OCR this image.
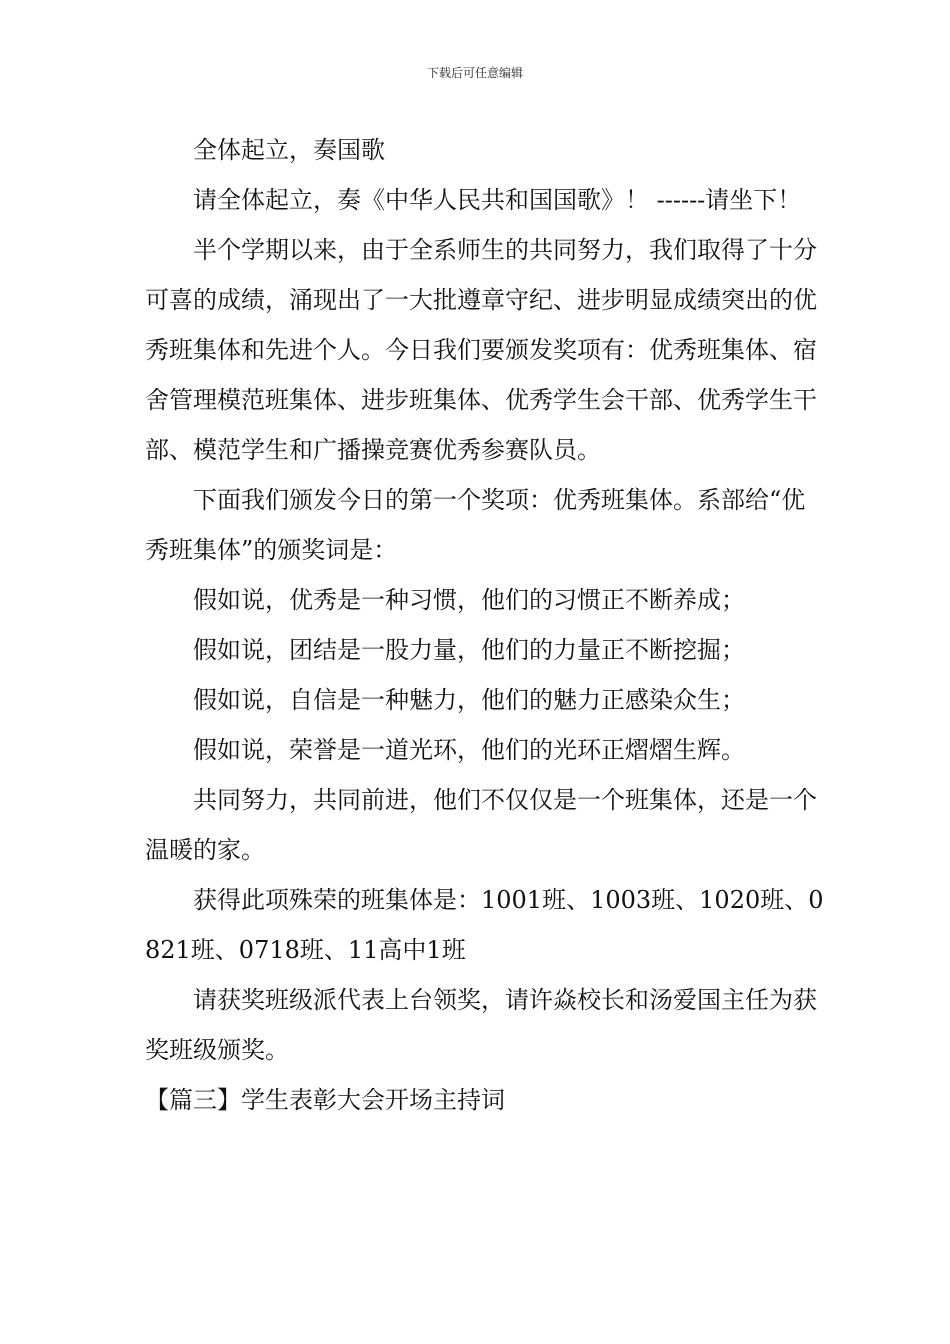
下载后可任意编辑

全体起立，奏国歌

请全体起立，奏《中华人民共和国国歌》！ ------请坐下！

半个学期以来，由于全系师生的共同努力，我们取得了十分可喜的成绩，涌现出了一大批遵章守纪、进步明显成绩突出的优秀班集体和先进个人。今日我们要颁发奖项有：优秀班集体、宿舍管理模范班集体、进步班集体、优秀学生会干部、优秀学生干部、模范学生和广播操竞赛优秀参赛队员。

下面我们颁发今日的第一个奖项：优秀班集体。系部给“优秀班集体”的颁奖词是：

假如说，优秀是一种习惯，他们的习惯正不断养成；

假如说，团结是一股力量，他们的力量正不断挖掘；

假如说，自信是一种魅力，他们的魅力正感染众生；

假如说，荣誉是一道光环，他们的光环正熠熠生辉。

共同努力，共同前进，他们不仅仅是一个班集体，还是一个温暖的家。

获得此项殊荣的班集体是：1001班、1003班、1020班、0821班、0718班、11高中1班

请获奖班级派代表上台领奖，请许焱校长和汤爱国主任为获奖班级颁奖。

【篇三】学生表彰大会开场主持词
